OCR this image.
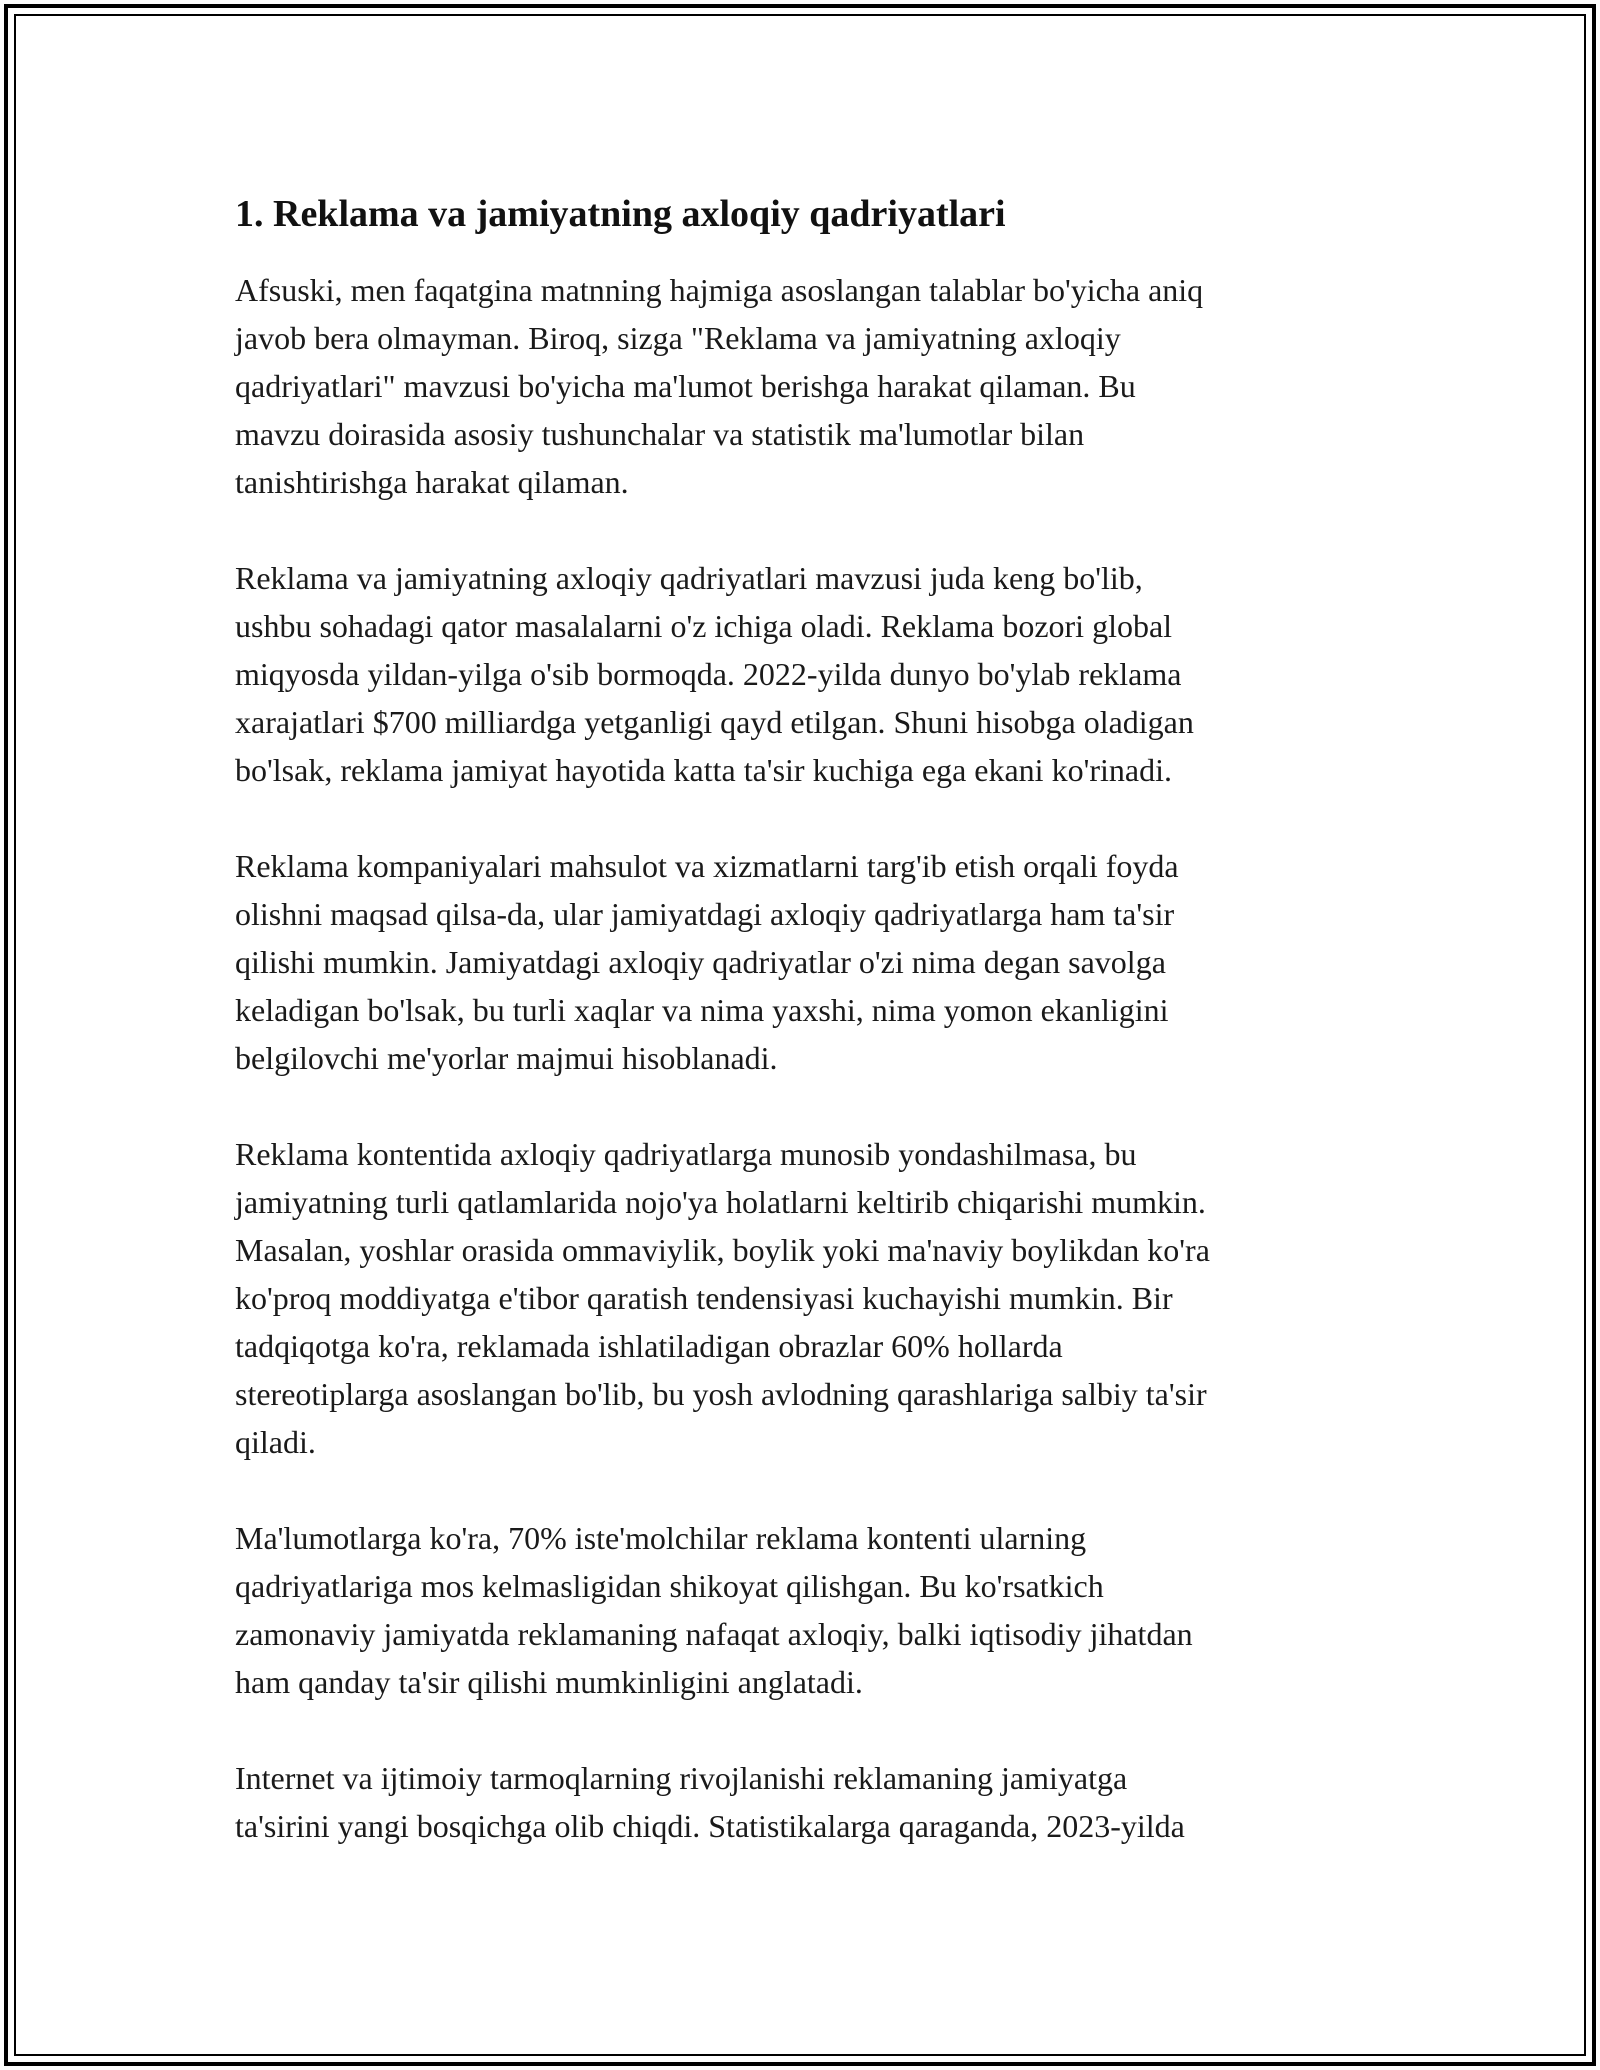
1. Reklama va jamiyatning axloqiy qadriyatlari
Afsuski, men faqatgina matnning hajmiga asoslangan talablar bo'yicha aniq
javob bera olmayman. Biroq, sizga "Reklama va jamiyatning axloqiy
qadriyatlari" mavzusi bo'yicha ma'lumot berishga harakat qilaman. Bu
mavzu doirasida asosiy tushunchalar va statistik ma'lumotlar bilan
tanishtirishga harakat qilaman.
Reklama va jamiyatning axloqiy qadriyatlari mavzusi juda keng bo'lib,
ushbu sohadagi qator masalalarni o'z ichiga oladi. Reklama bozori global
miqyosda yildan-yilga o'sib bormoqda. 2022-yilda dunyo bo'ylab reklama
xarajatlari $700 milliardga yetganligi qayd etilgan. Shuni hisobga oladigan
bo'lsak, reklama jamiyat hayotida katta ta'sir kuchiga ega ekani ko'rinadi.
Reklama kompaniyalari mahsulot va xizmatlarni targ'ib etish orqali foyda
olishni maqsad qilsa-da, ular jamiyatdagi axloqiy qadriyatlarga ham ta'sir
qilishi mumkin. Jamiyatdagi axloqiy qadriyatlar o'zi nima degan savolga
keladigan bo'lsak, bu turli xaqlar va nima yaxshi, nima yomon ekanligini
belgilovchi me'yorlar majmui hisoblanadi.
Reklama kontentida axloqiy qadriyatlarga munosib yondashilmasa, bu
jamiyatning turli qatlamlarida nojo'ya holatlarni keltirib chiqarishi mumkin.
Masalan, yoshlar orasida ommaviylik, boylik yoki ma'naviy boylikdan ko'ra
ko'proq moddiyatga e'tibor qaratish tendensiyasi kuchayishi mumkin. Bir
tadqiqotga ko'ra, reklamada ishlatiladigan obrazlar 60% hollarda
stereotiplarga asoslangan bo'lib, bu yosh avlodning qarashlariga salbiy ta'sir
qiladi.
Ma'lumotlarga ko'ra, 70% iste'molchilar reklama kontenti ularning
qadriyatlariga mos kelmasligidan shikoyat qilishgan. Bu ko'rsatkich
zamonaviy jamiyatda reklamaning nafaqat axloqiy, balki iqtisodiy jihatdan
ham qanday ta'sir qilishi mumkinligini anglatadi.
Internet va ijtimoiy tarmoqlarning rivojlanishi reklamaning jamiyatga
ta'sirini yangi bosqichga olib chiqdi. Statistikalarga qaraganda, 2023-yilda
